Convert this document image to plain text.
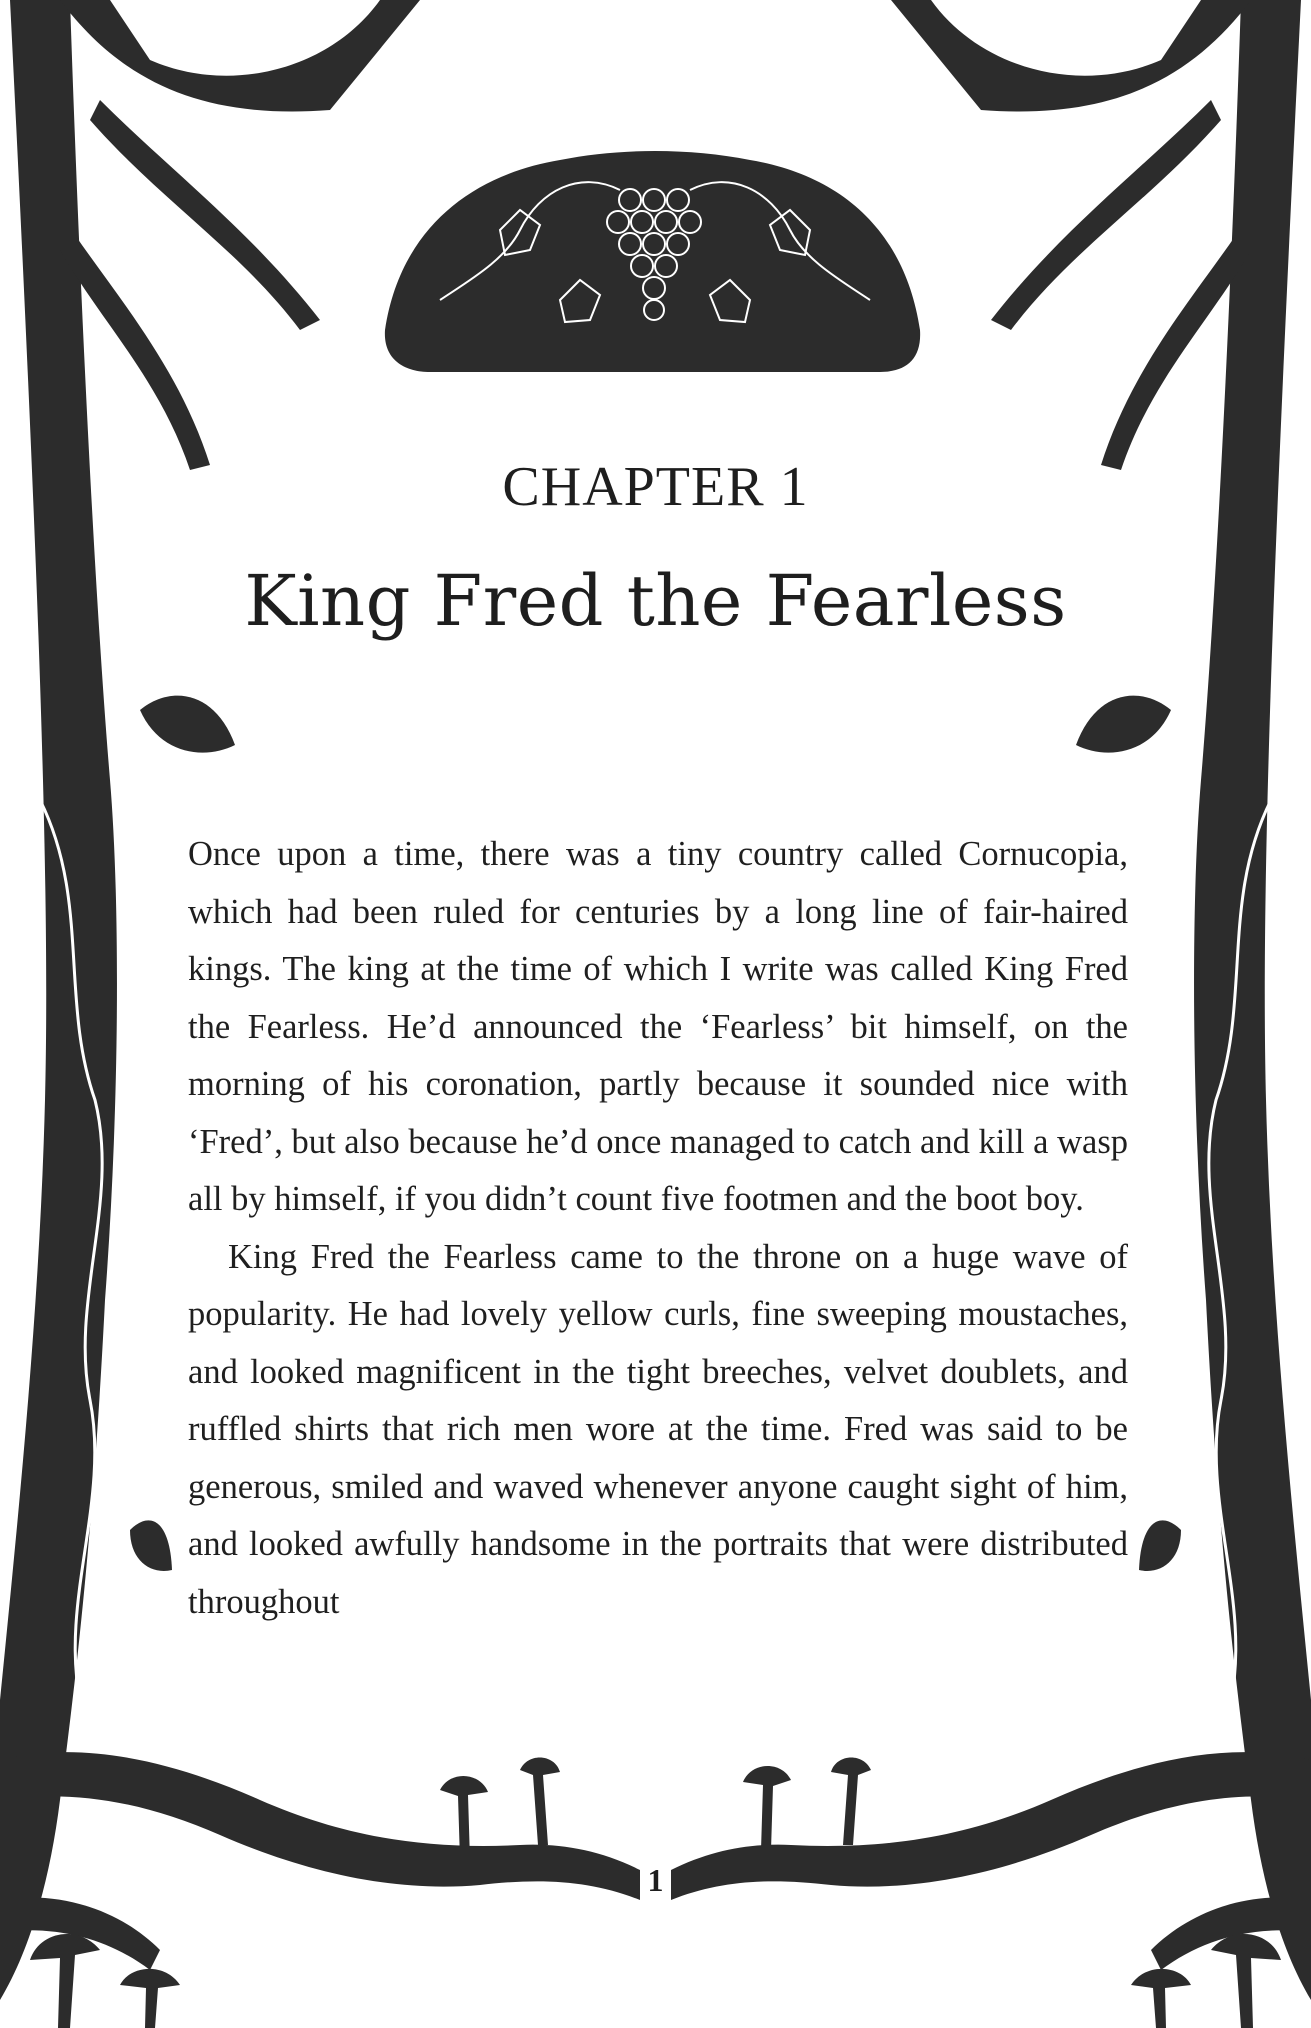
CHAPTER 1
King Fred the Fearless

Once upon a time, there was a tiny country called Cornucopia, which had been ruled for centuries by a long line of fair-haired kings. The king at the time of which I write was called King Fred the Fearless. He’d announced the ‘Fearless’ bit himself, on the morning of his coronation, partly because it sounded nice with ‘Fred’, but also because he’d once managed to catch and kill a wasp all by himself, if you didn’t count five footmen and the boot boy.

King Fred the Fearless came to the throne on a huge wave of popularity. He had lovely yellow curls, fine sweeping moustaches, and looked magnificent in the tight breeches, velvet doublets, and ruffled shirts that rich men wore at the time. Fred was said to be generous, smiled and waved whenever anyone caught sight of him, and looked awfully handsome in the portraits that were distributed throughout

1
